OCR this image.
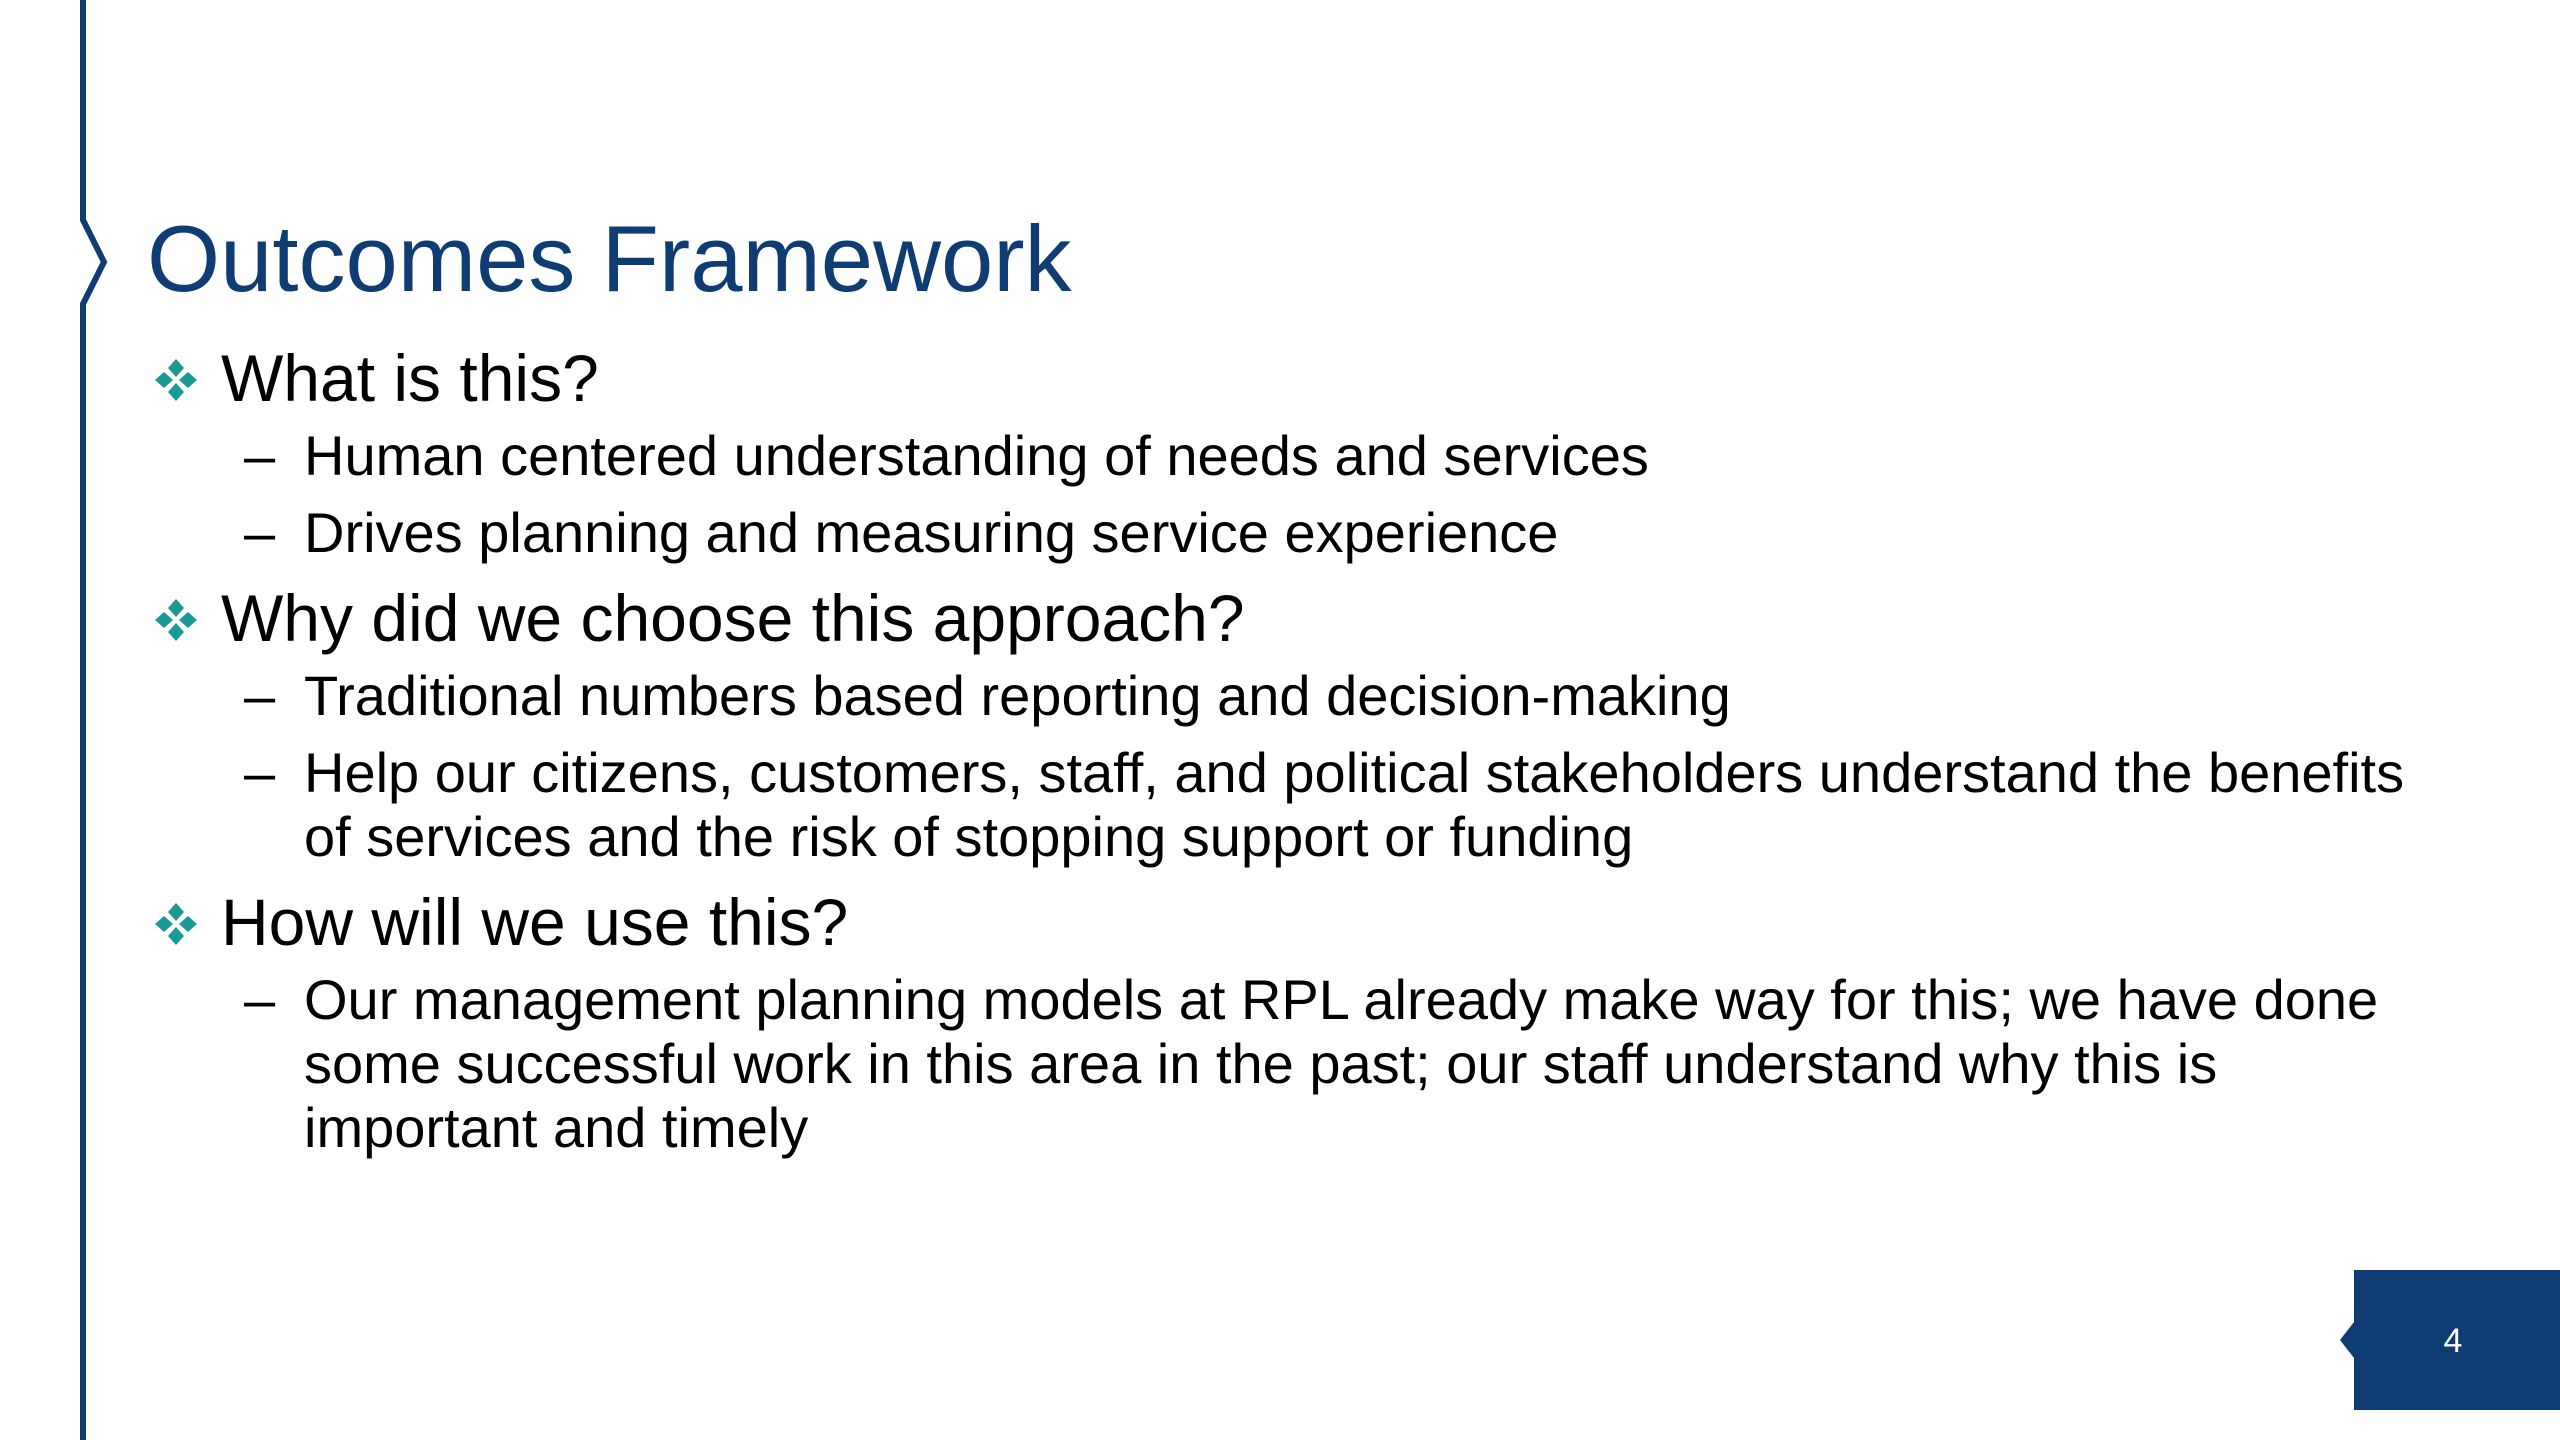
Outcomes Framework
What is this?
– Human centered understanding of needs and services
– Drives planning and measuring service experience
Why did we choose this approach?
– Traditional numbers based reporting and decision-making
– Help our citizens, customers, staff, and political stakeholders understand the benefits of services and the risk of stopping support or funding
How will we use this?
– Our management planning models at RPL already make way for this; we have done some successful work in this area in the past; our staff understand why this is important and timely
4
